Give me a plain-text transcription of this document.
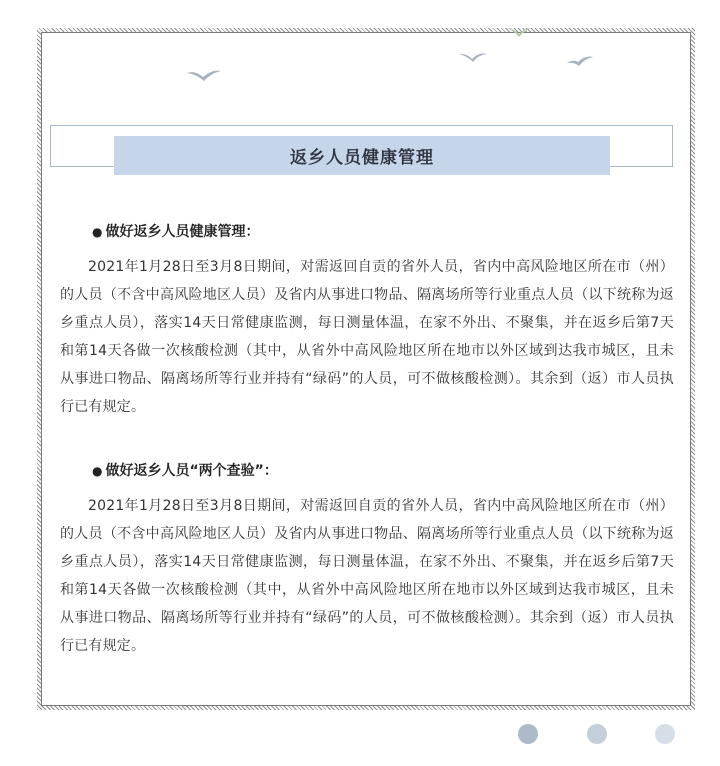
返乡人员健康管理
● 做好返乡人员健康管理：

2021年1月28日至3月8日期间，对需返回自贡的省外人员，省内中高风险地区所在市（州）的人员（不含中高风险地区人员）及省内从事进口物品、隔离场所等行业重点人员（以下统称为返乡重点人员），落实14天日常健康监测，每日测量体温，在家不外出、不聚集，并在返乡后第7天和第14天各做一次核酸检测（其中，从省外中高风险地区所在地市以外区域到达我市城区，且未从事进口物品、隔离场所等行业并持有“绿码”的人员，可不做核酸检测）。其余到（返）市人员执行已有规定。

● 做好返乡人员“两个查验”：

2021年1月28日至3月8日期间，对需返回自贡的省外人员，省内中高风险地区所在市（州）的人员（不含中高风险地区人员）及省内从事进口物品、隔离场所等行业重点人员（以下统称为返乡重点人员），落实14天日常健康监测，每日测量体温，在家不外出、不聚集，并在返乡后第7天和第14天各做一次核酸检测（其中，从省外中高风险地区所在地市以外区域到达我市城区，且未从事进口物品、隔离场所等行业并持有“绿码”的人员，可不做核酸检测）。其余到（返）市人员执行已有规定。
